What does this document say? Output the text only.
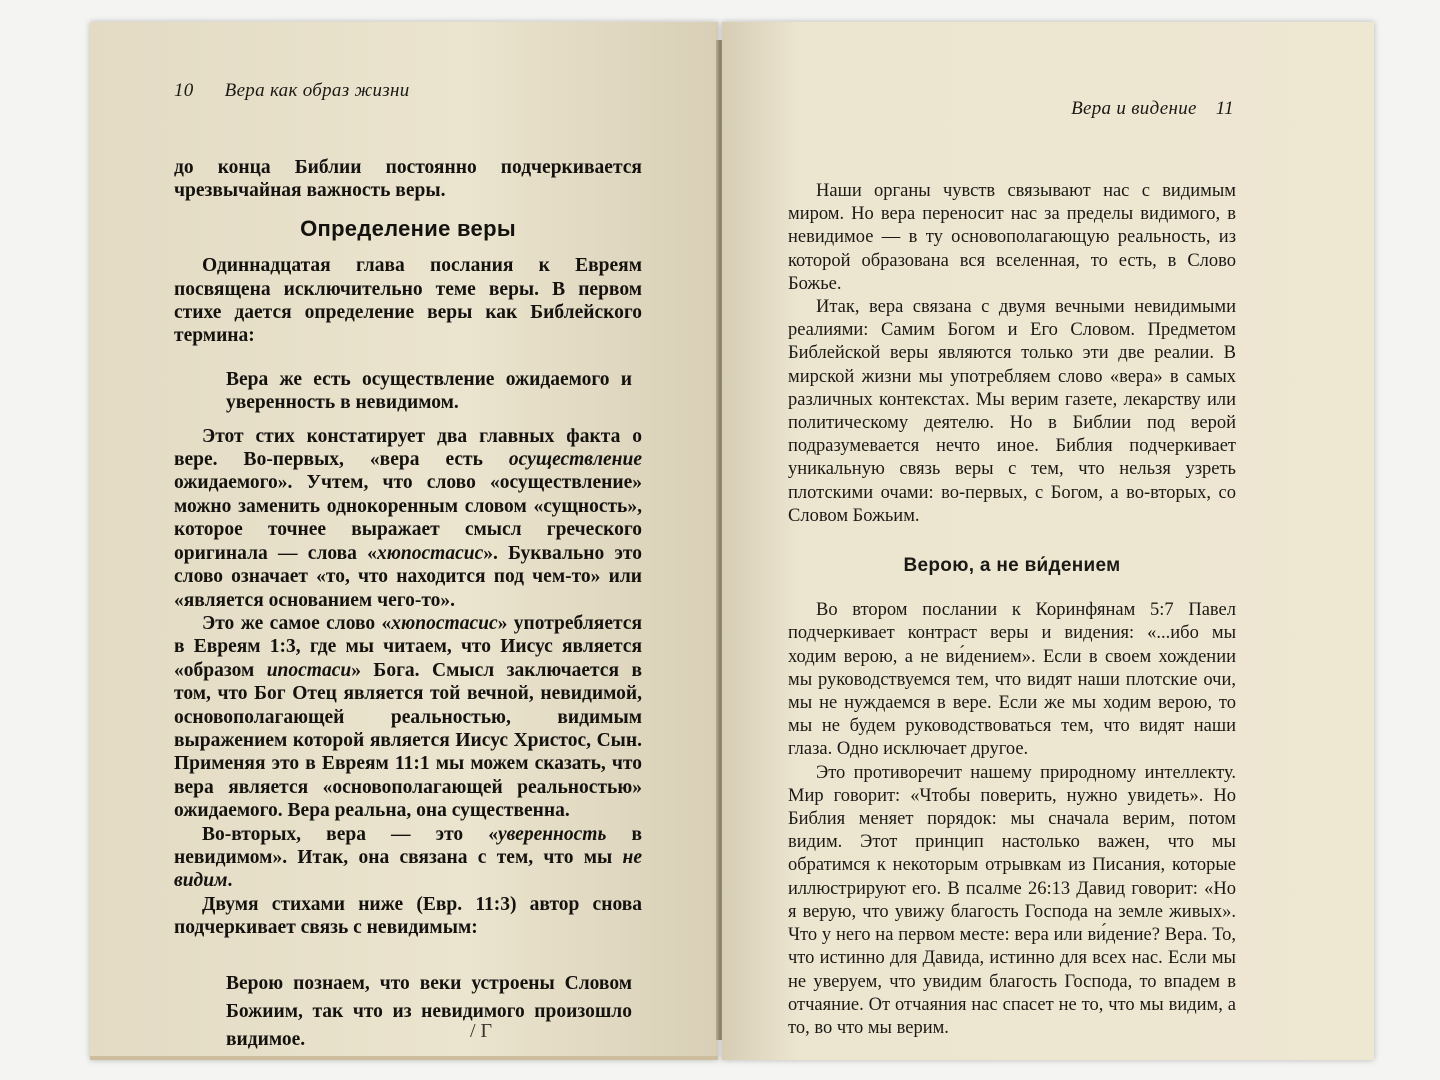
10 Вера как образ жизни

до конца Библии постоянно подчеркивается чрезвычайная важность веры.

Определение веры

Одиннадцатая глава послания к Евреям посвящена исключительно теме веры. В первом стихе дается определение веры как Библейского термина:

Вера же есть осуществление ожидаемого и уверенность в невидимом.

Этот стих констатирует два главных факта о вере. Во-первых, «вера есть осуществление ожидаемого». Учтем, что слово «осуществление» можно заменить однокоренным словом «сущность», которое точнее выражает смысл греческого оригинала — слова «хюпостасис». Буквально это слово означает «то, что находится под чем-то» или «является основанием чего-то».

Это же самое слово «хюпостасис» употребляется в Евреям 1:3, где мы читаем, что Иисус является «образом ипостаси» Бога. Смысл заключается в том, что Бог Отец является той вечной, невидимой, основополагающей реальностью, видимым выражением которой является Иисус Христос, Сын. Применяя это в Евреям 11:1 мы можем сказать, что вера является «основополагающей реальностью» ожидаемого. Вера реальна, она существенна.

Во-вторых, вера — это «уверенность в невидимом». Итак, она связана с тем, что мы не видим.

Двумя стихами ниже (Евр. 11:3) автор снова подчеркивает связь с невидимым:

Верою познаем, что веки устроены Словом Божиим, так что из невидимого произошло видимое.	/ Г
Вера и видение 11

Наши органы чувств связывают нас с видимым миром. Но вера переносит нас за пределы видимого, в невидимое — в ту основополагающую реальность, из которой образована вся вселенная, то есть, в Слово Божье.

Итак, вера связана с двумя вечными невидимыми реалиями: Самим Богом и Его Словом. Предметом Библейской веры являются только эти две реалии. В мирской жизни мы употребляем слово «вера» в самых различных контекстах. Мы верим газете, лекарству или политическому деятелю. Но в Библии под верой подразумевается нечто иное. Библия подчеркивает уникальную связь веры с тем, что нельзя узреть плотскими очами: во-первых, с Богом, а во-вторых, со Словом Божьим.

Верою, а не ви́дением

Во втором послании к Коринфянам 5:7 Павел подчеркивает контраст веры и видения: «...ибо мы ходим верою, а не ви́дением». Если в своем хождении мы руководствуемся тем, что видят наши плотские очи, мы не нуждаемся в вере. Если же мы ходим верою, то мы не будем руководствоваться тем, что видят наши глаза. Одно исключает другое.

Это противоречит нашему природному интеллекту. Мир говорит: «Чтобы поверить, нужно увидеть». Но Библия меняет порядок: мы сначала верим, потом видим. Этот принцип настолько важен, что мы обратимся к некоторым отрывкам из Писания, которые иллюстрируют его. В псалме 26:13 Давид говорит: «Но я верую, что увижу благость Господа на земле живых». Что у него на первом месте: вера или ви́дение? Вера. То, что истинно для Давида, истинно для всех нас. Если мы не уверуем, что увидим благость Господа, то впадем в отчаяние. От отчаяния нас спасет не то, что мы видим, а то, во что мы верим.
